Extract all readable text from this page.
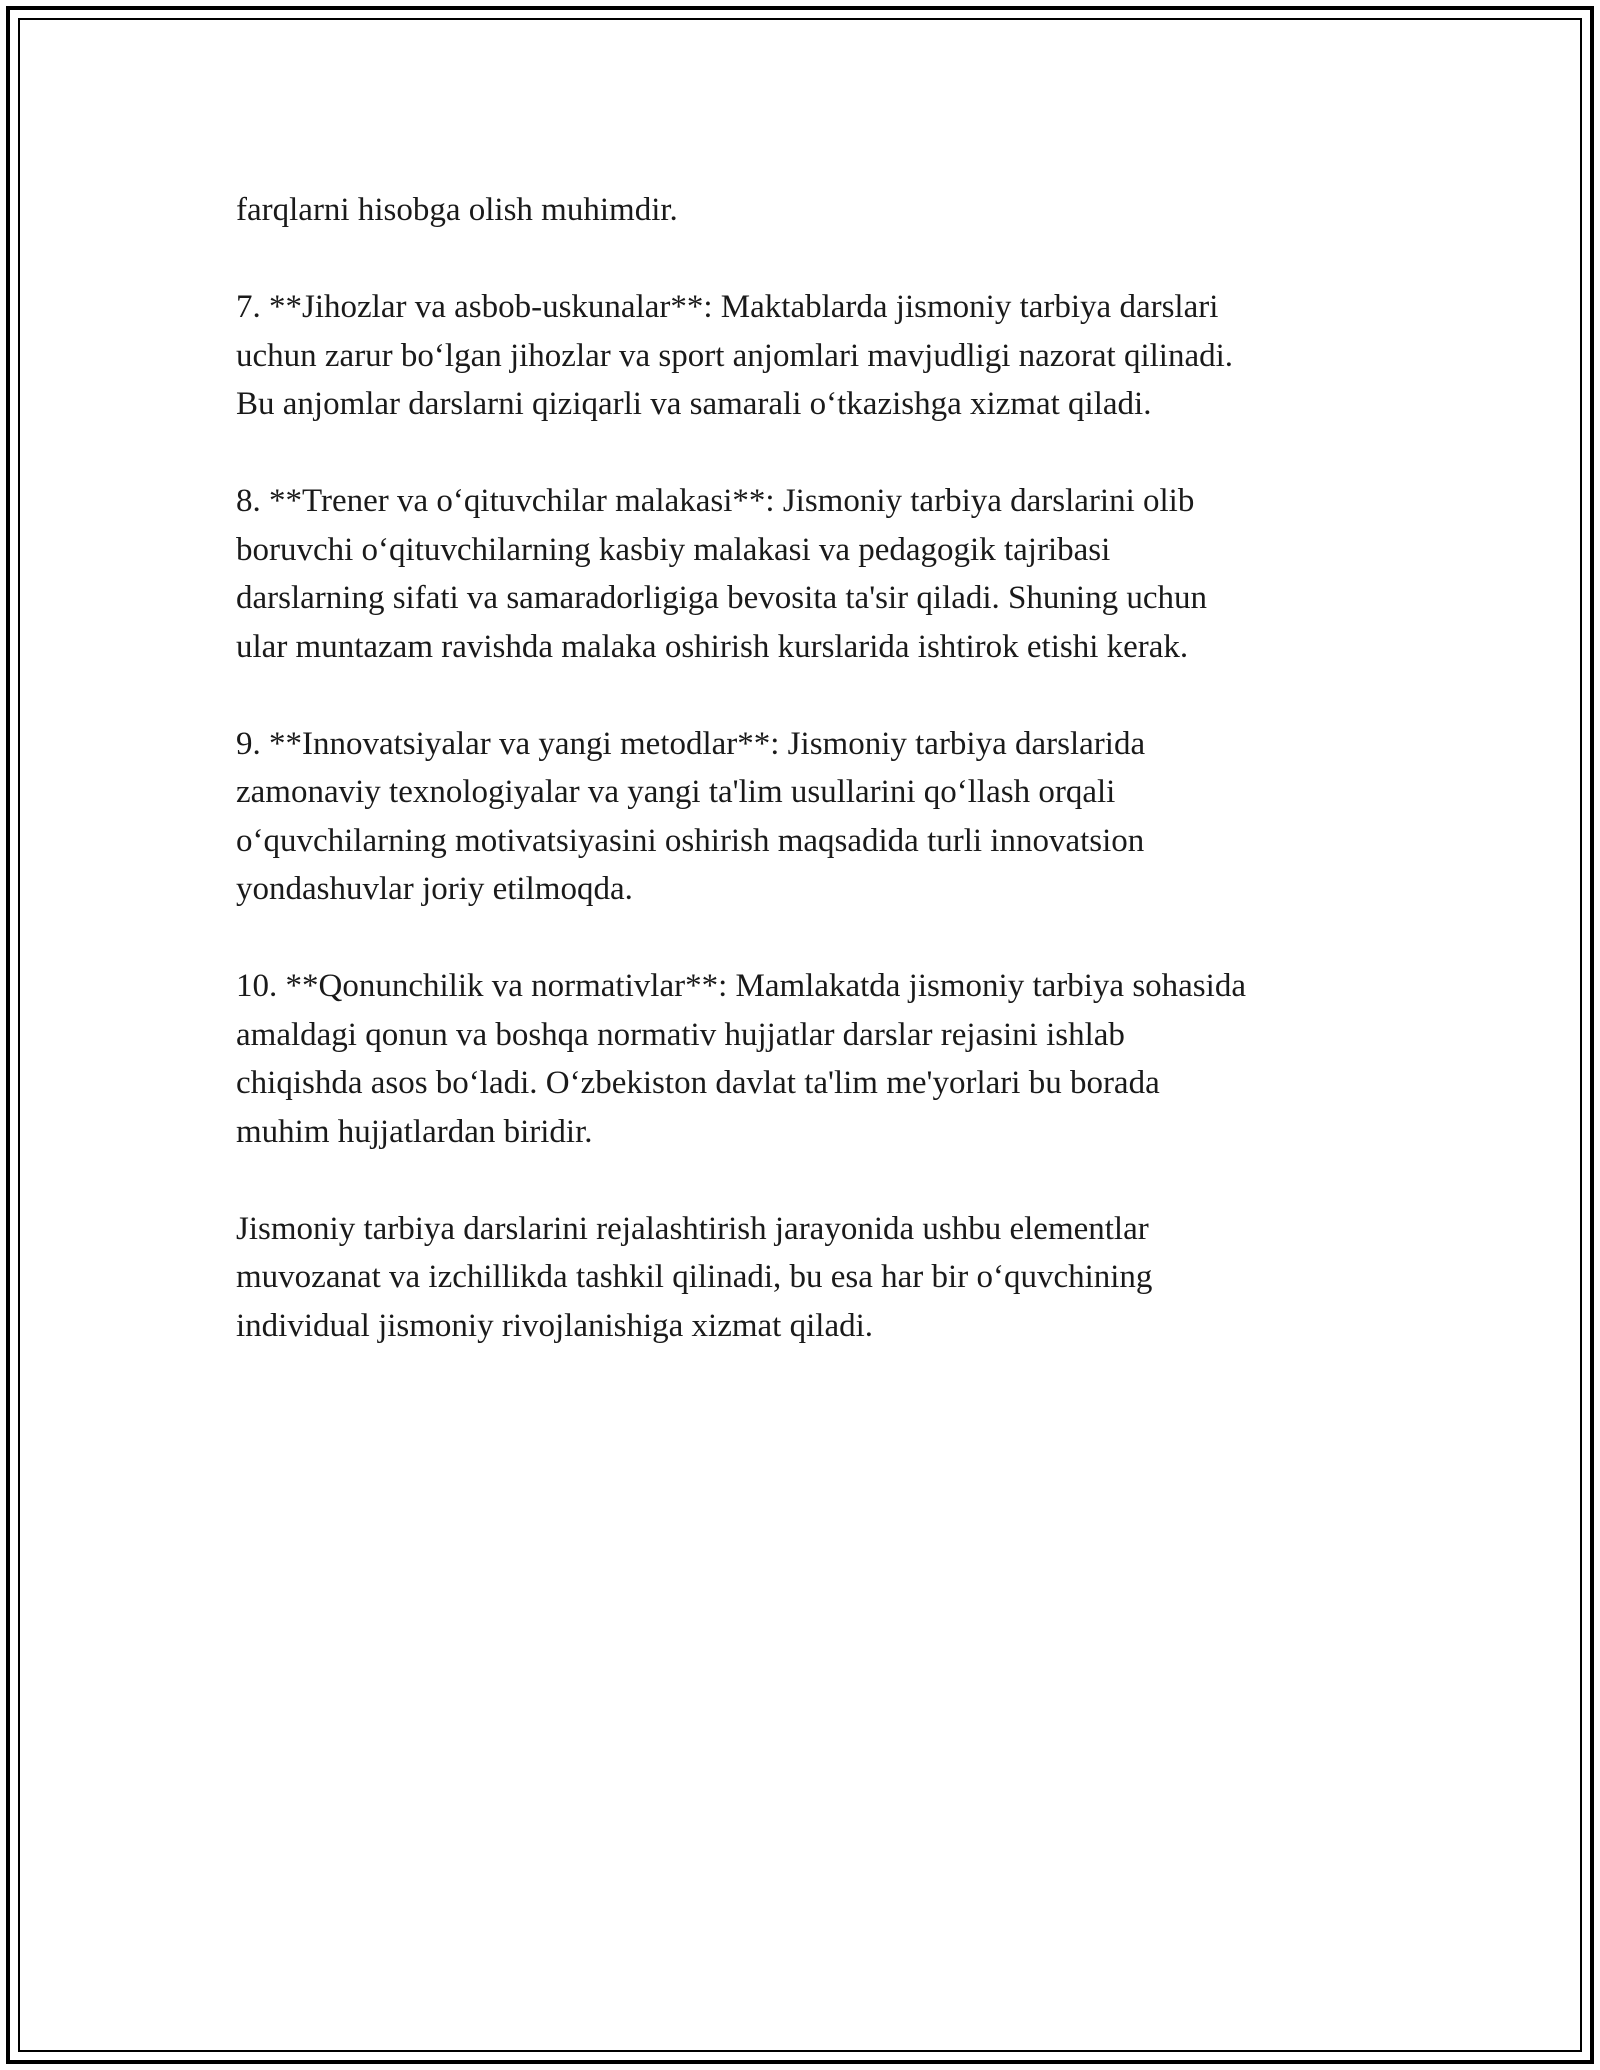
farqlarni hisobga olish muhimdir.

7. **Jihozlar va asbob-uskunalar**: Maktablarda jismoniy tarbiya darslari
uchun zarur bo‘lgan jihozlar va sport anjomlari mavjudligi nazorat qilinadi.
Bu anjomlar darslarni qiziqarli va samarali o‘tkazishga xizmat qiladi.

8. **Trener va o‘qituvchilar malakasi**: Jismoniy tarbiya darslarini olib
boruvchi o‘qituvchilarning kasbiy malakasi va pedagogik tajribasi
darslarning sifati va samaradorligiga bevosita ta'sir qiladi. Shuning uchun
ular muntazam ravishda malaka oshirish kurslarida ishtirok etishi kerak.

9. **Innovatsiyalar va yangi metodlar**: Jismoniy tarbiya darslarida
zamonaviy texnologiyalar va yangi ta'lim usullarini qo‘llash orqali
o‘quvchilarning motivatsiyasini oshirish maqsadida turli innovatsion
yondashuvlar joriy etilmoqda.

10. **Qonunchilik va normativlar**: Mamlakatda jismoniy tarbiya sohasida
amaldagi qonun va boshqa normativ hujjatlar darslar rejasini ishlab
chiqishda asos bo‘ladi. O‘zbekiston davlat ta'lim me'yorlari bu borada
muhim hujjatlardan biridir.

Jismoniy tarbiya darslarini rejalashtirish jarayonida ushbu elementlar
muvozanat va izchillikda tashkil qilinadi, bu esa har bir o‘quvchining
individual jismoniy rivojlanishiga xizmat qiladi.
